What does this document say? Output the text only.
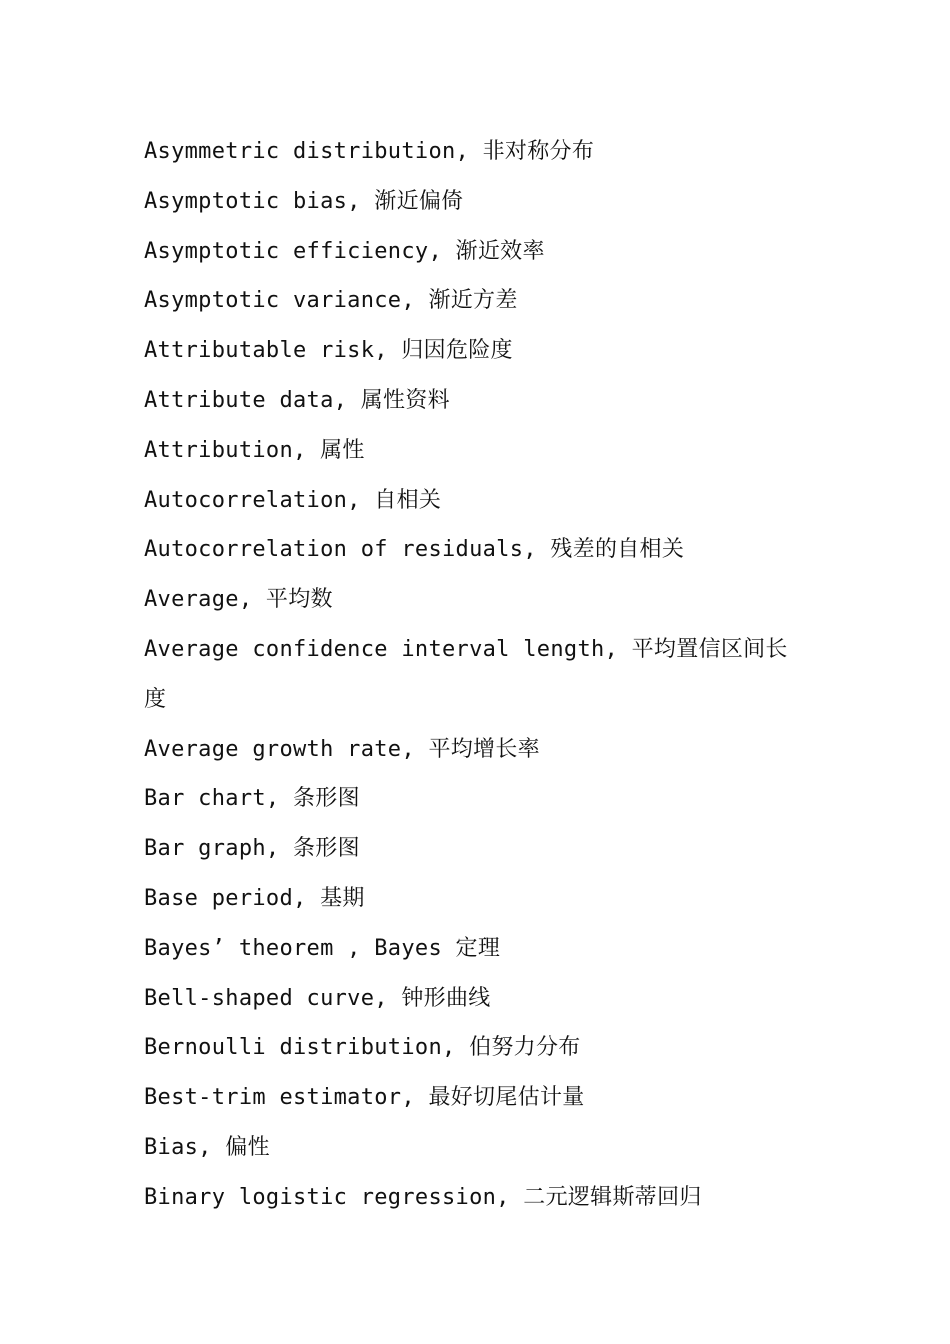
Asymmetric distribution, 非对称分布
Asymptotic bias, 渐近偏倚
Asymptotic efficiency, 渐近效率
Asymptotic variance, 渐近方差
Attributable risk, 归因危险度
Attribute data, 属性资料
Attribution, 属性
Autocorrelation, 自相关
Autocorrelation of residuals, 残差的自相关
Average, 平均数
Average confidence interval length, 平均置信区间长度
Average growth rate, 平均增长率
Bar chart, 条形图
Bar graph, 条形图
Base period, 基期
Bayes’ theorem , Bayes 定理
Bell-shaped curve, 钟形曲线
Bernoulli distribution, 伯努力分布
Best-trim estimator, 最好切尾估计量
Bias, 偏性
Binary logistic regression, 二元逻辑斯蒂回归
